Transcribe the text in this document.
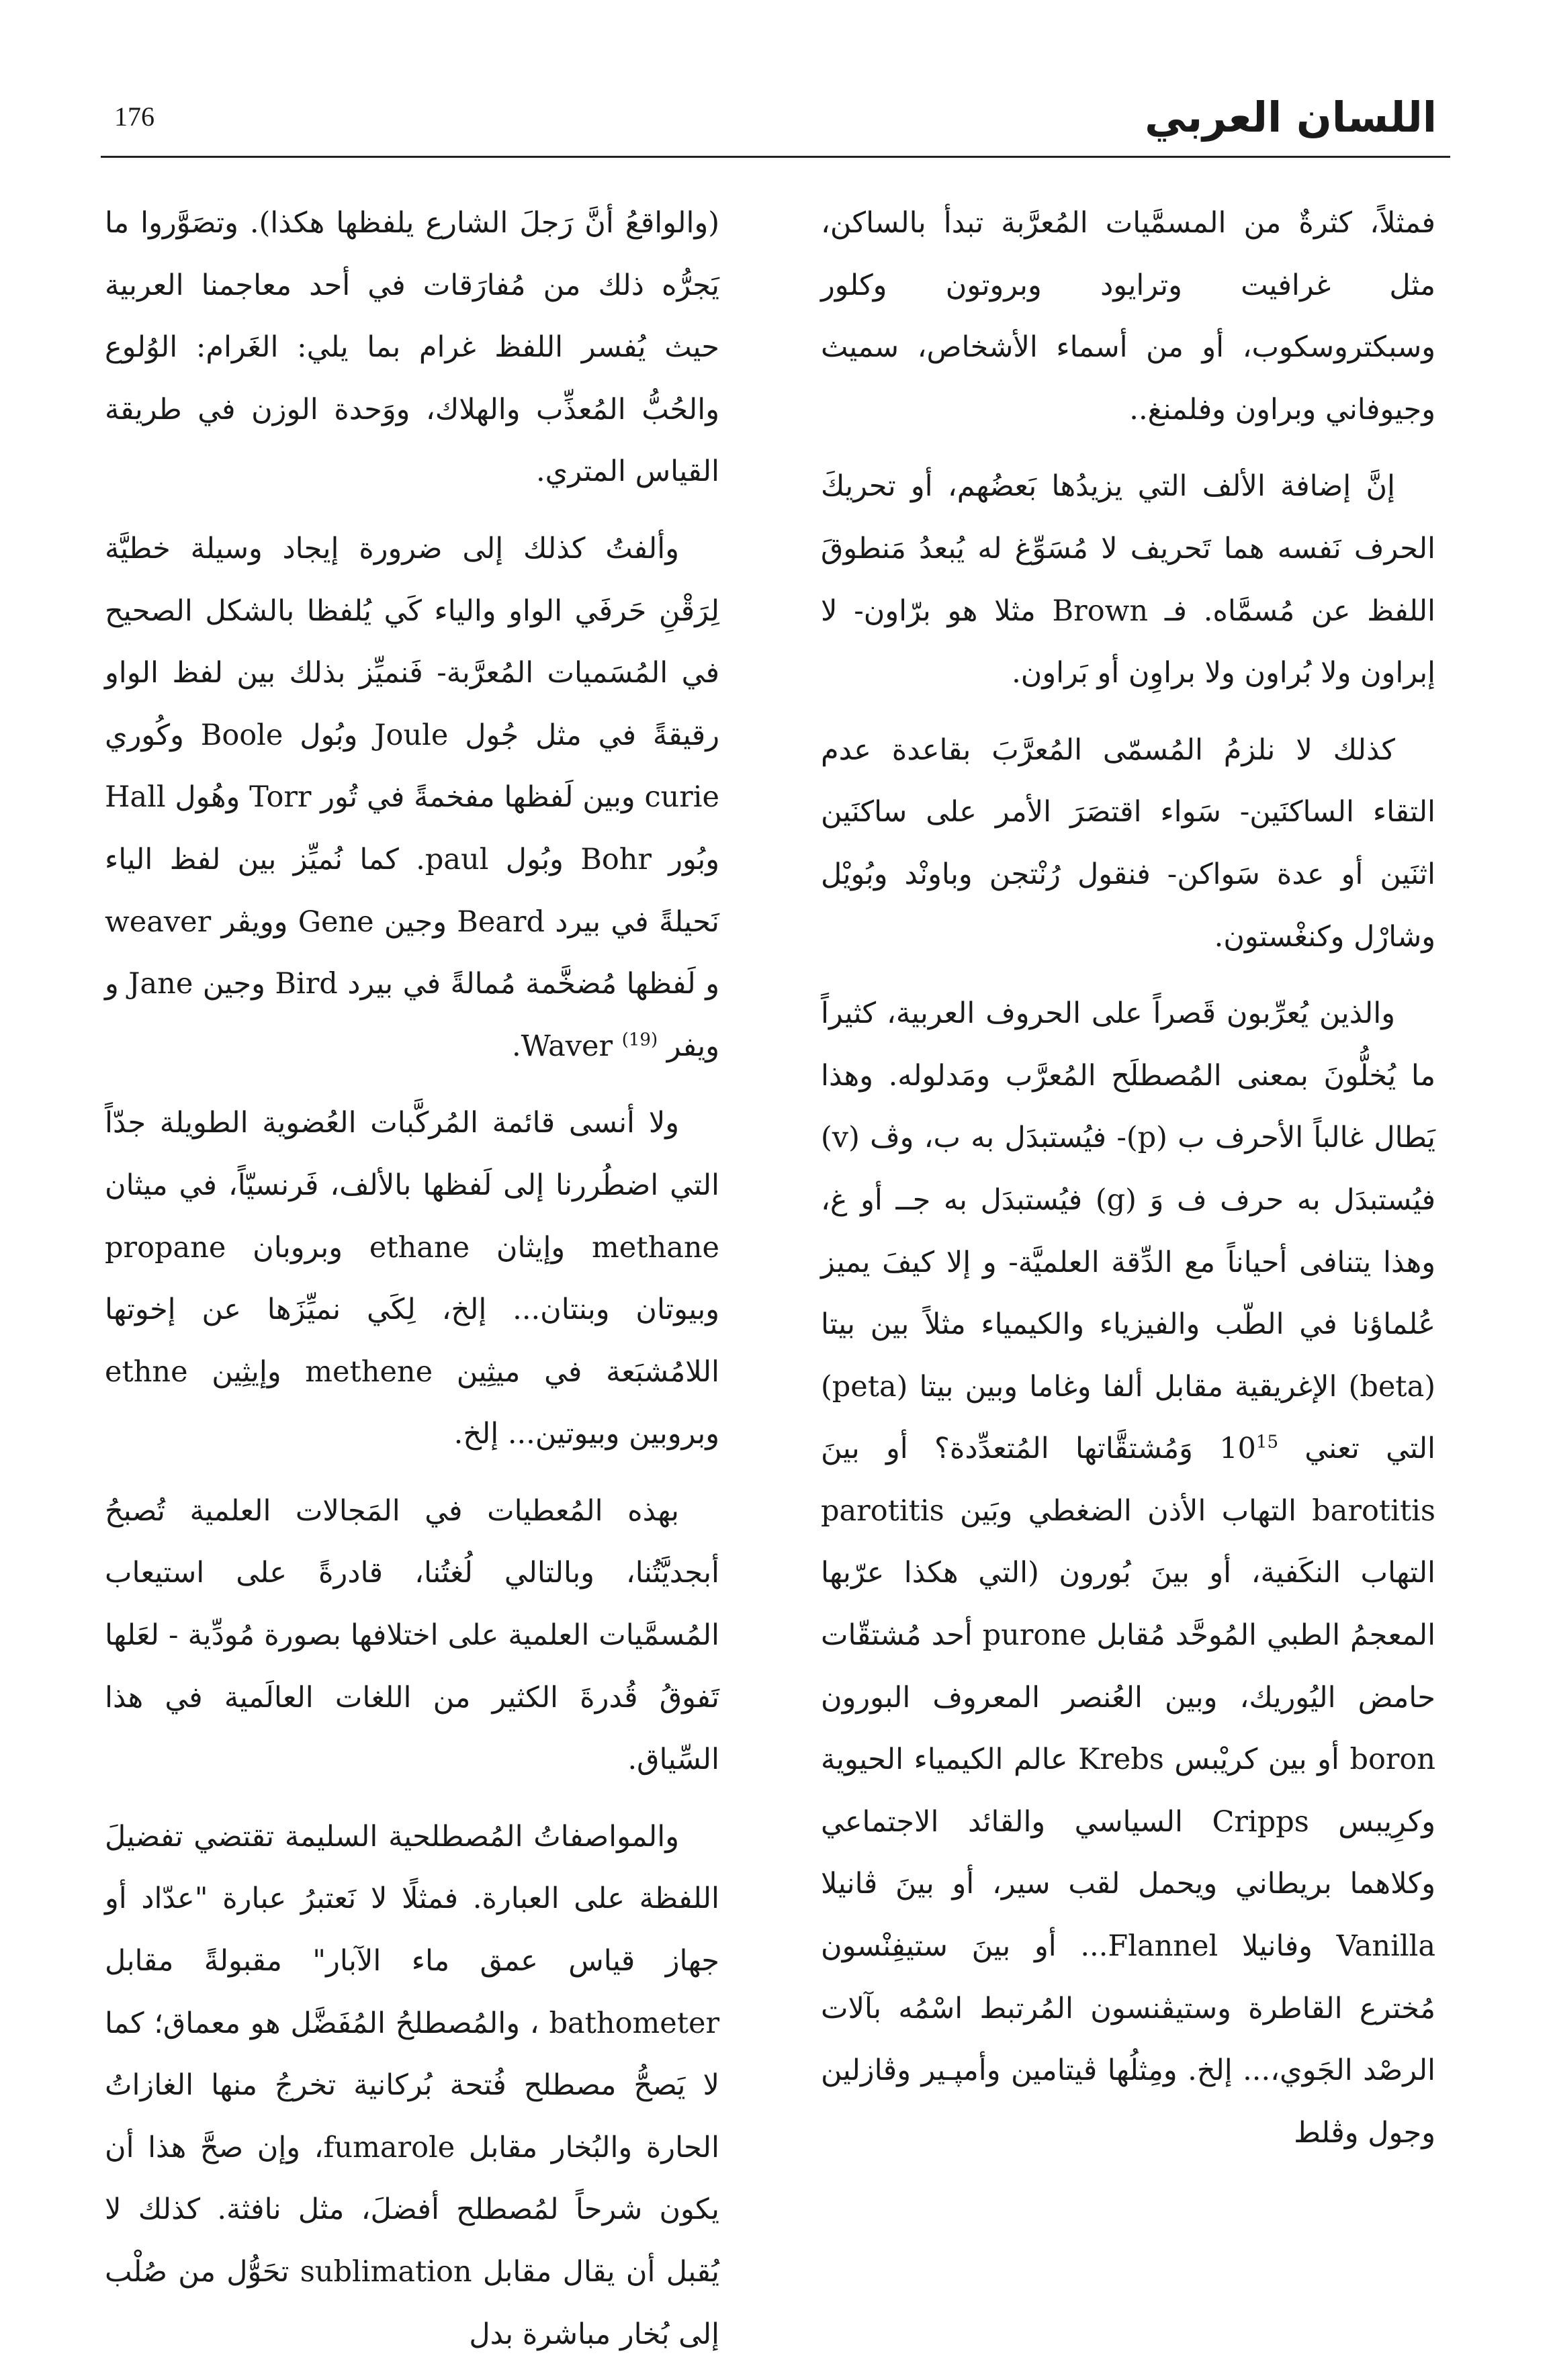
176	اللسان العربي

فمثلاً، كثرةٌ من المسمَّيات المُعرَّبة تبدأ بالساكن، مثل غرافيت وترايود وبروتون وكلور وسبكتروسكوب، أو من أسماء الأشخاص، سميث وجيوفاني وبراون وفلمنغ..

إنَّ إضافة الألف التي يزيدُها بَعضُهم، أو تحريكَ الحرف نَفسه هما تَحريف لا مُسَوِّغ له يُبعدُ مَنطوقَ اللفظ عن مُسمَّاه. فـ Brown مثلا هو برّاون- لا إبراون ولا بُراون ولا براوِن أو بَراون.

كذلك لا نلزمُ المُسمّى المُعرَّبَ بقاعدة عدم التقاء الساكنَين- سَواء اقتصَرَ الأمر على ساكنَين اثنَين أو عدة سَواكن- فنقول رُنْتجن وباونْد وبُويْل وشارْل وكنغْستون.

والذين يُعرِّبون قَصراً على الحروف العربية، كثيراً ما يُخلُّونَ بمعنى المُصطلَح المُعرَّب ومَدلوله. وهذا يَطال غالباً الأحرف ب (p)- فيُستبدَل به ب، وڤ (v) فيُستبدَل به حرف ف وَ (g) فيُستبدَل به جــ أو غ، وهذا يتنافى أحياناً مع الدِّقة العلميَّة- و إلا كيفَ يميز عُلماؤنا في الطّب والفيزياء والكيمياء مثلاً بين بيتا (beta) الإغريقية مقابل ألفا وغاما وبين بيتا (peta) التي تعني 10$^{15}$ وَمُشتقَّاتها المُتعدِّدة؟ أو بينَ barotitis التهاب الأذن الضغطي وبَين parotitis التهاب النكَفية، أو بينَ بُورون (التي هكذا عرّبها المعجمُ الطبي المُوحَّد مُقابل purone أحد مُشتقّات حامض اليُوريك، وبين العُنصر المعروف البورون boron أو بين كريْبس Krebs عالم الكيمياء الحيوية وكرِيبس Cripps السياسي والقائد الاجتماعي وكلاهما بريطاني ويحمل لقب سير، أو بينَ ڤانيلا Vanilla وفانيلا Flannel... أو بينَ ستيفِنْسون مُخترع القاطرة وستيڤنسون المُرتبط اسْمُه بآلات الرصْد الجَوي،... إلخ. ومِثلُها ڤيتامين وأمپـير وڤازلين وجول وڤلط

(والواقعُ أنَّ رَجلَ الشارع يلفظها هكذا). وتصَوَّروا ما يَجرُّه ذلك من مُفارَقات في أحد معاجمنا العربية حيث يُفسر اللفظ غرام بما يلي: الغَرام: الوُلوع والحُبُّ المُعذِّب والهلاك، ووَحدة الوزن في طريقة القياس المتري.

وألفتُ كذلك إلى ضرورة إيجاد وسيلة خطيَّة لِرَقْنِ حَرفَي الواو والياء كَي يُلفظا بالشكل الصحيح في المُسَميات المُعرَّبة- فَنميِّز بذلك بين لفظ الواو رقيقةً في مثل جُول Joule وبُول Boole وكُوري curie وبين لَفظها مفخمةً في تُور Torr وهُول Hall وبُور Bohr وبُول paul. كما نُميِّز بين لفظ الياء نَحيلةً في بيرد Beard وجين Gene وويڤر weaver و لَفظها مُضخَّمة مُمالةً في بيرد Bird وجين Jane و ويفر Waver $^{(19)}$.

ولا أنسى قائمة المُركَّبات العُضوية الطويلة جدّاً التي اضطُررنا إلى لَفظها بالألف، فَرنسيّاً، في ميثان methane وإيثان ethane وبروبان propane وبيوتان وبنتان... إلخ، لِكَي نميِّزَها عن إخوتها اللامُشبَعة في ميثِين methene وإيثِين ethne وبروبين وبيوتين... إلخ.

بهذه المُعطيات في المَجالات العلمية تُصبحُ أبجديَّتُنا، وبالتالي لُغتُنا، قادرةً على استيعاب المُسمَّيات العلمية على اختلافها بصورة مُودِّية - لعَلها تَفوقُ قُدرةَ الكثير من اللغات العالَمية في هذا السِّياق.

والمواصفاتُ المُصطلحية السليمة تقتضي تفضيلَ اللفظة على العبارة. فمثلًا لا نَعتبرُ عبارة "عدّاد أو جهاز قياس عمق ماء الآبار" مقبولةً مقابل bathometer ، والمُصطلحُ المُفَضَّل هو معماق؛ كما لا يَصحُّ مصطلح فُتحة بُركانية تخرجُ منها الغازاتُ الحارة والبُخار مقابل fumarole، وإن صحَّ هذا أن يكون شرحاً لمُصطلح أفضلَ، مثل نافثة. كذلك لا يُقبل أن يقال مقابل sublimation تحَوُّل من صُلْب إلى بُخار مباشرة بدل
